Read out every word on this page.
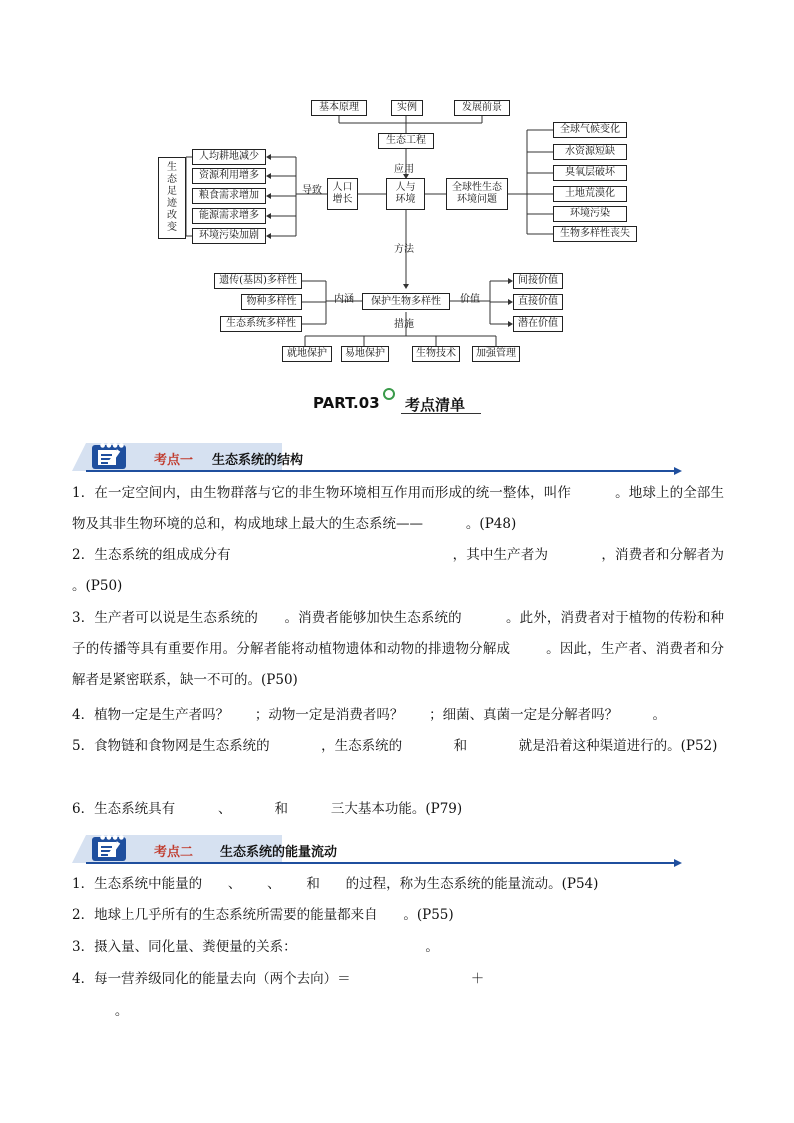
基本原理	实例	发展前景
生态工程
应用
人与
环境
人口
增长
导致
生
态
足
迹
改
变
人均耕地减少
资源利用增多
粮食需求增加
能源需求增多
环境污染加剧
全球性生态
环境问题
全球气候变化
水资源短缺
臭氧层破坏
土地荒漠化
环境污染
生物多样性丧失
方法
保护生物多样性
内涵	价值
措施
遗传(基因)多样性
物种多样性
生态系统多样性
间接价值
直接价值
潜在价值
就地保护	易地保护	生物技术	加强管理
PART.03 考点清单
●●●●
考点一 生态系统的结构
1．在一定空间内，由生物群落与它的非生物环境相互作用而形成的统一整体，叫作	。地球上的全部生物及其非生物环境的总和，构成地球上最大的生态系统——	。(P48)
2．生态系统的组成成分有	，其中生产者为	，消费者和分解者为          。(P50)
3．生产者可以说是生态系统的 。消费者能够加快生态系统的	。此外，消费者对于植物的传粉和种子的传播等具有重要作用。分解者能将动植物遗体和动物的排遗物分解成	。因此，生产者、消费者和分解者是紧密联系，缺一不可的。(P50)
4．植物一定是生产者吗？ ；动物一定是消费者吗？ ；细菌、真菌一定是分解者吗？	。
5．食物链和食物网是生态系统的	，生态系统的	和	就是沿着这种渠道进行的。(P52)
6．生态系统具有	、	和	三大基本功能。(P79)
●●●●
考点二 生态系统的能量流动
1．生态系统中能量的 、 、 和 的过程，称为生态系统的能量流动。(P54)
2．地球上几乎所有的生态系统所需要的能量都来自 。(P55)
3．摄入量、同化量、粪便量的关系：	。
4．每一营养级同化的能量去向（两个去向）＝	＋
。
